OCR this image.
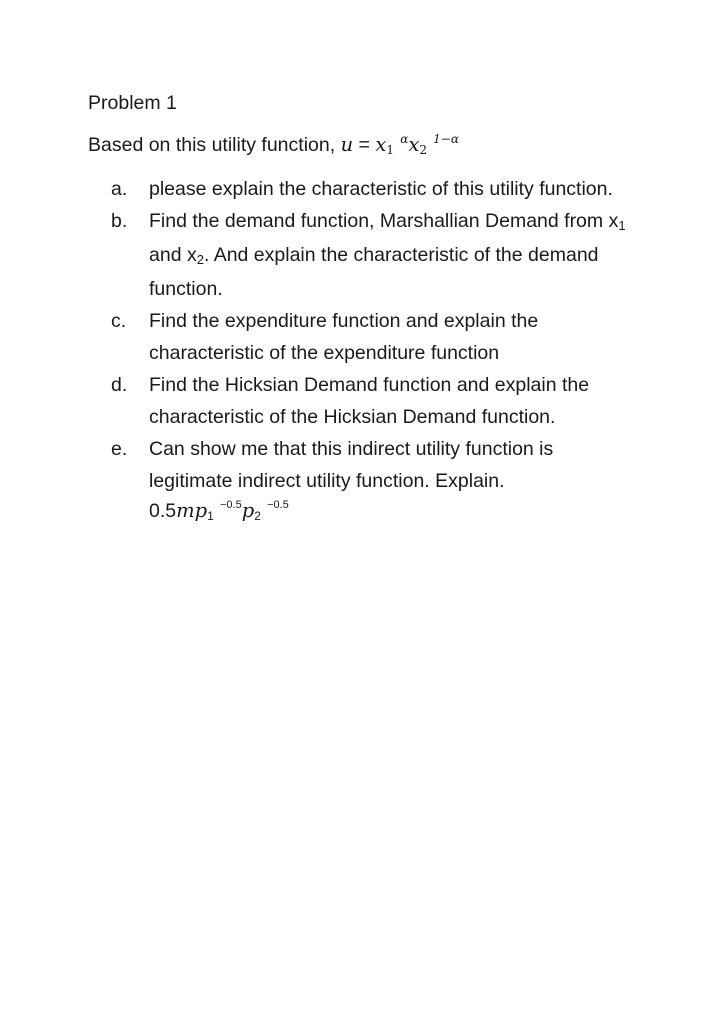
Problem 1
Based on this utility function, u = x1 $^\alpha$x2 $^{1-\alpha}$
a. please explain the characteristic of this utility function.
b. Find the demand function, Marshallian Demand from x1 and x2. And explain the characteristic of the demand function.
c. Find the expenditure function and explain the characteristic of the expenditure function
d. Find the Hicksian Demand function and explain the characteristic of the Hicksian Demand function.
e. Can show me that this indirect utility function is legitimate indirect utility function. Explain.
0.5mp1 $^{-0.5}$p2 $^{-0.5}$
